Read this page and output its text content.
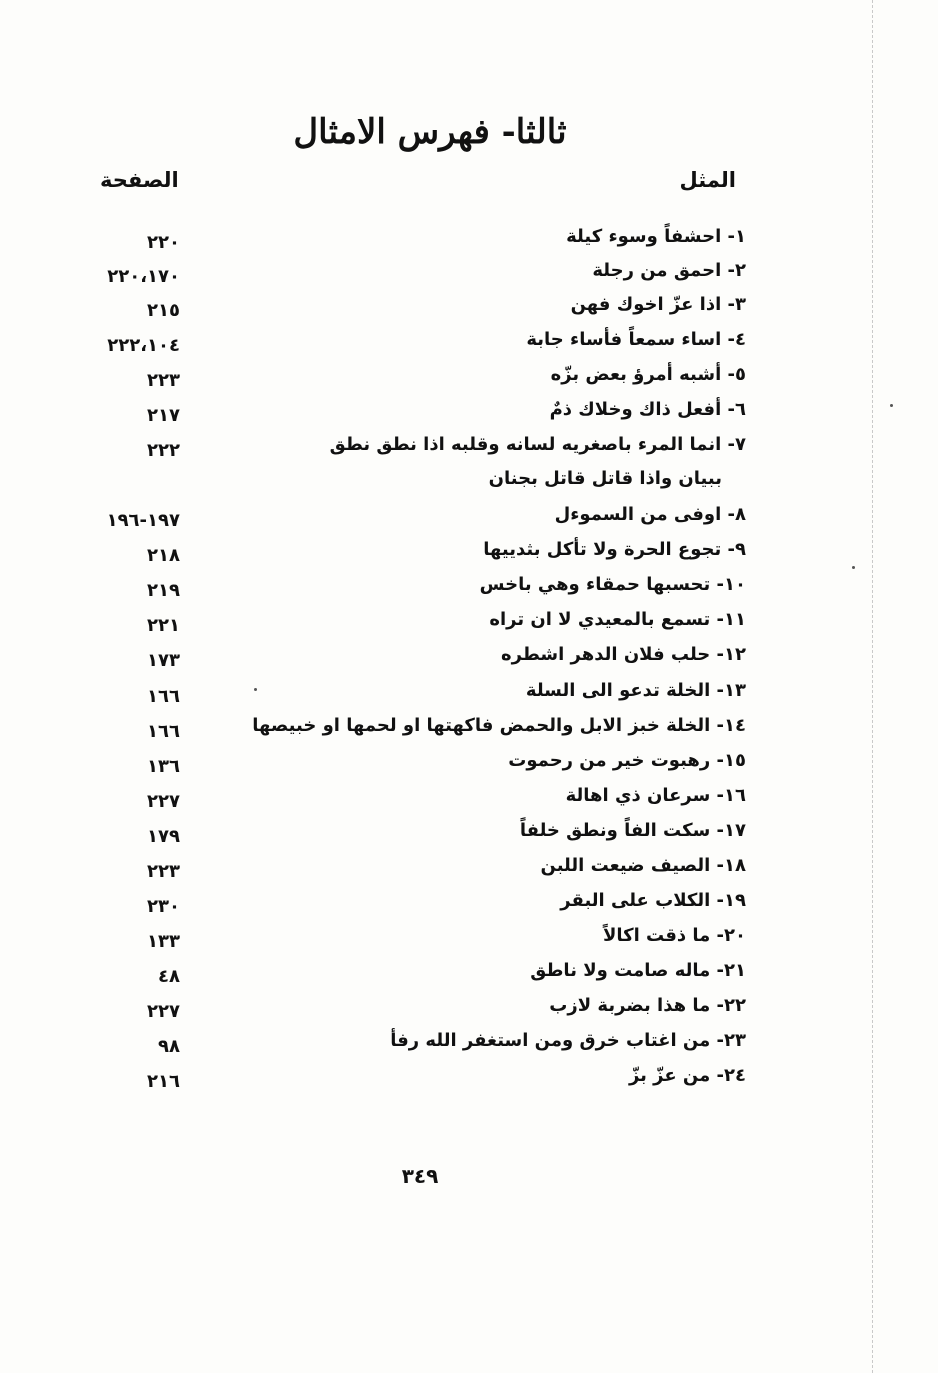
ثالثا- فهرس الامثال
المثل
الصفحة
١- احشفاً وسوء كيلة
٢٢٠
٢- احمق من رجلة
٢٢٠،١٧٠
٣- اذا عزّ اخوك فهن
٢١٥
٤- اساء سمعاً فأساء جابة
٢٢٢،١٠٤
٥- أشبه أمرؤ بعض بزّه
٢٢٣
٦- أفعل ذاك وخلاك ذمٌ
٢١٧
٧- انما المرء باصغريه لسانه وقلبه اذا نطق نطق
ببيان واذا قاتل قاتل بجنان
٢٢٢
٨- اوفى من السموءل
١٩٧-١٩٦
٩- تجوع الحرة ولا تأكل بثدييها
٢١٨
١٠- تحسبها حمقاء وهي باخس
٢١٩
١١- تسمع بالمعيدي لا ان تراه
٢٢١
١٢- حلب فلان الدهر اشطره
١٧٣
١٣- الخلة تدعو الى السلة
١٦٦
١٤- الخلة خبز الابل والحمض فاكهتها او لحمها او خبيصها
١٦٦
١٥- رهبوت خير من رحموت
١٣٦
١٦- سرعان ذي اهالة
٢٢٧
١٧- سكت الفاً ونطق خلفاً
١٧٩
١٨- الصيف ضيعت اللبن
٢٢٣
١٩- الكلاب على البقر
٢٣٠
٢٠- ما ذقت اكالاً
١٣٣
٢١- ماله صامت ولا ناطق
٤٨
٢٢- ما هذا بضربة لازب
٢٢٧
٢٣- من اغتاب خرق ومن استغفر الله رفأ
٩٨
٢٤- من عزّ بزّ
٢١٦
٣٤٩
